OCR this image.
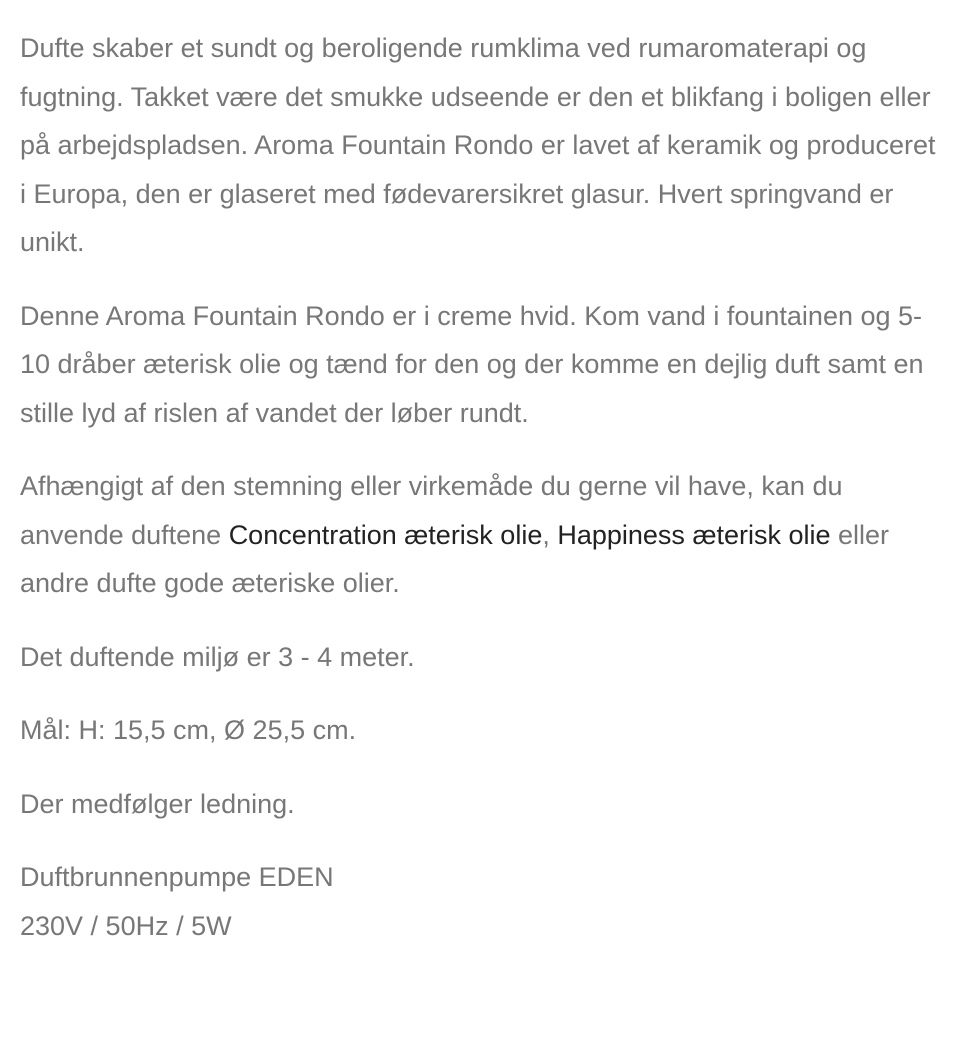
Dufte skaber et sundt og beroligende rumklima ved rumaromaterapi og fugtning. Takket være det smukke udseende er den et blikfang i boligen eller på arbejdspladsen. Aroma Fountain Rondo er lavet af keramik og produceret i Europa, den er glaseret med fødevarersikret glasur. Hvert springvand er unikt.

Denne Aroma Fountain Rondo er i creme hvid. Kom vand i fountainen og 5-10 dråber æterisk olie og tænd for den og der komme en dejlig duft samt en stille lyd af rislen af vandet der løber rundt.

Afhængigt af den stemning eller virkemåde du gerne vil have, kan du anvende duftene Concentration æterisk olie, Happiness æterisk olie eller andre dufte gode æteriske olier.

Det duftende miljø er 3 - 4 meter.

Mål: H: 15,5 cm, Ø 25,5 cm.

Der medfølger ledning.

Duftbrunnenpumpe EDEN
230V / 50Hz / 5W
